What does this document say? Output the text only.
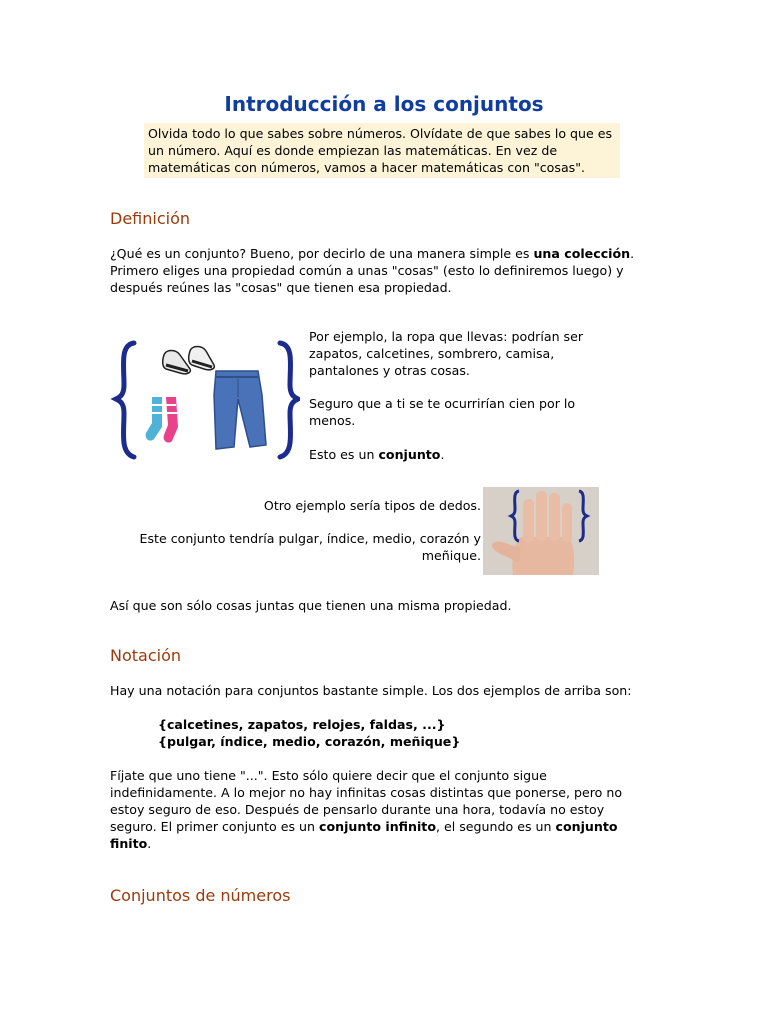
Introducción a los conjuntos
Olvida todo lo que sabes sobre números. Olvídate de que sabes lo que es un número. Aquí es donde empiezan las matemáticas. En vez de matemáticas con números, vamos a hacer matemáticas con "cosas".
Definición

¿Qué es un conjunto? Bueno, por decirlo de una manera simple es una colección. Primero eliges una propiedad común a unas "cosas" (esto lo definiremos luego) y después reúnes las "cosas" que tienen esa propiedad.

Por ejemplo, la ropa que llevas: podrían ser zapatos, calcetines, sombrero, camisa, pantalones y otras cosas.

Seguro que a ti se te ocurrirían cien por lo menos.

Esto es un conjunto.

Otro ejemplo sería tipos de dedos.

Este conjunto tendría pulgar, índice, medio, corazón y meñique.

Así que son sólo cosas juntas que tienen una misma propiedad.

Notación

Hay una notación para conjuntos bastante simple. Los dos ejemplos de arriba son:

{calcetines, zapatos, relojes, faldas, ...}
{pulgar, índice, medio, corazón, meñique}

Fíjate que uno tiene "...". Esto sólo quiere decir que el conjunto sigue indefinidamente. A lo mejor no hay infinitas cosas distintas que ponerse, pero no estoy seguro de eso. Después de pensarlo durante una hora, todavía no estoy seguro. El primer conjunto es un conjunto infinito, el segundo es un conjunto finito.

Conjuntos de números
